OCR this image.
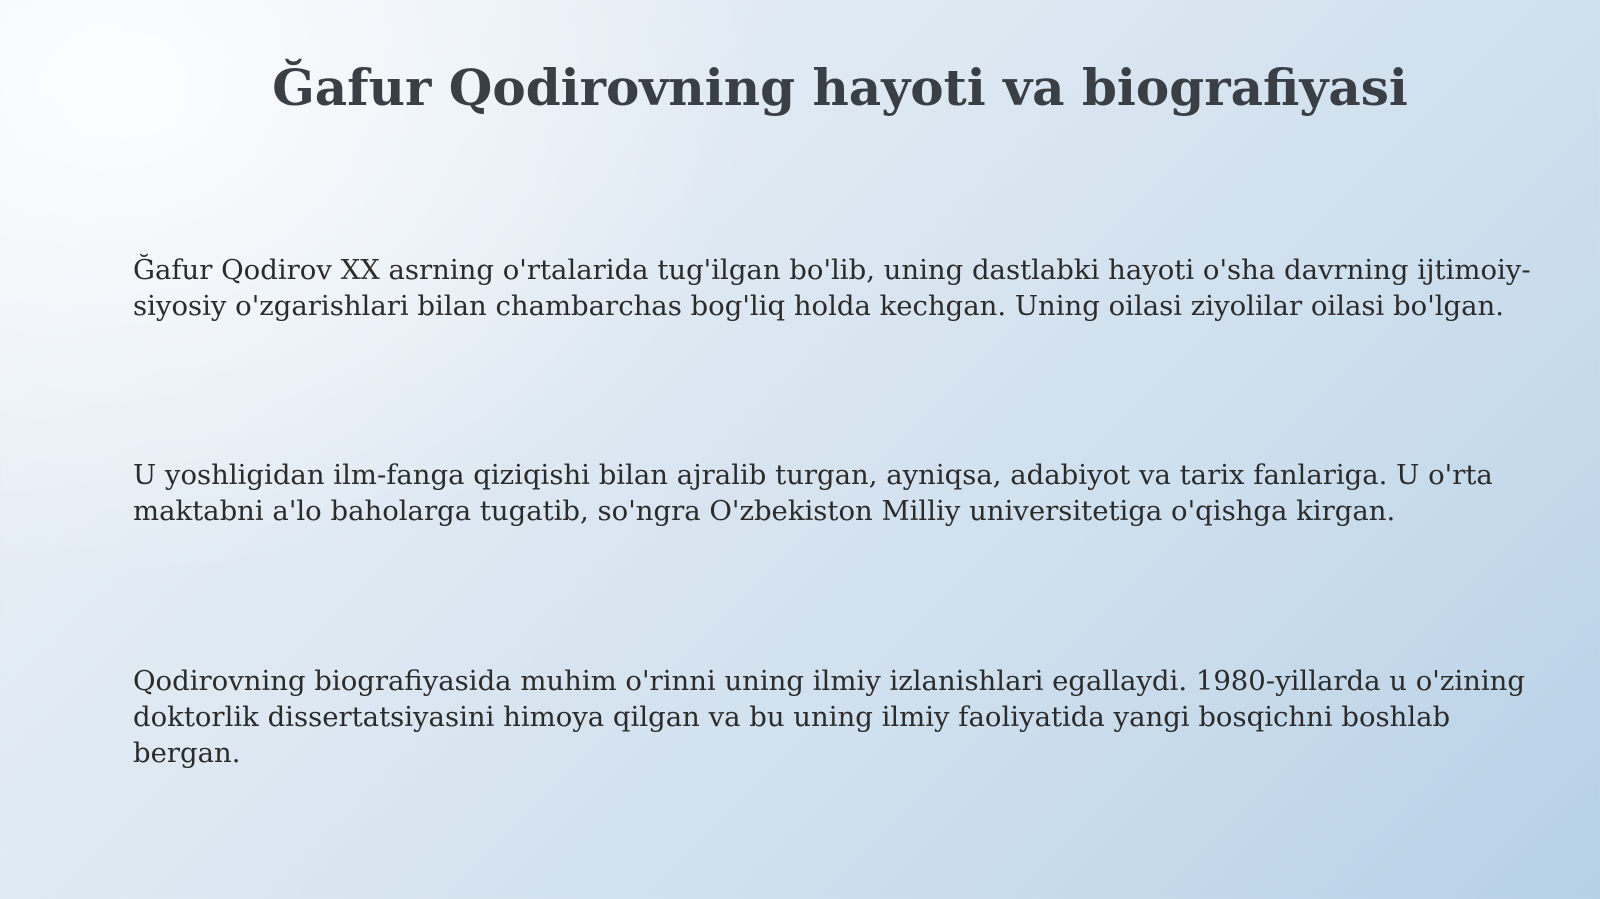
Ğafur Qodirovning hayoti va biografiyasi

Ğafur Qodirov XX asrning o'rtalarida tug'ilgan bo'lib, uning dastlabki hayoti o'sha davrning ijtimoiy-siyosiy o'zgarishlari bilan chambarchas bog'liq holda kechgan. Uning oilasi ziyolilar oilasi bo'lgan.

U yoshligidan ilm-fanga qiziqishi bilan ajralib turgan, ayniqsa, adabiyot va tarix fanlariga. U o'rta maktabni a'lo baholarga tugatib, so'ngra O'zbekiston Milliy universitetiga o'qishga kirgan.

Qodirovning biografiyasida muhim o'rinni uning ilmiy izlanishlari egallaydi. 1980-yillarda u o'zining doktorlik dissertatsiyasini himoya qilgan va bu uning ilmiy faoliyatida yangi bosqichni boshlab bergan.
